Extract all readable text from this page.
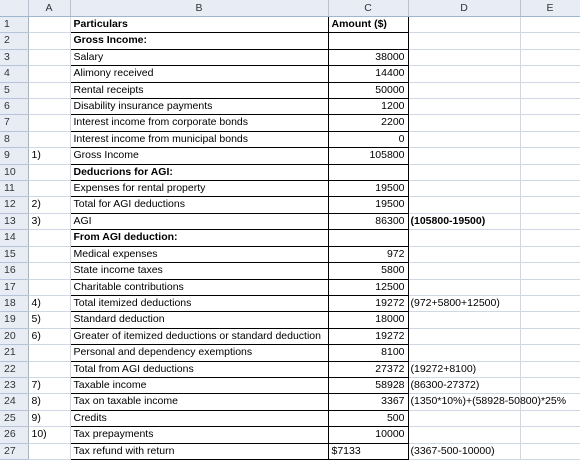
	A	B	C	D	E
1		Particulars	Amount ($)		
2		Gross Income:			
3		Salary	38000		
4		Alimony received	14400		
5		Rental receipts	50000		
6		Disability insurance payments	1200		
7		Interest income from corporate bonds	2200		
8		Interest income from municipal bonds	0		
9	1)	Gross Income	105800		
10		Deducrions for AGI:			
11		Expenses for rental property	19500		
12	2)	Total for AGI deductions	19500		
13	3)	AGI	86300	(105800-19500)	
14		From AGI deduction:			
15		Medical expenses	972		
16		State income taxes	5800		
17		Charitable contributions	12500		
18	4)	Total itemized deductions	19272	(972+5800+12500)	
19	5)	Standard deduction	18000		
20	6)	Greater of itemized deductions or standard deduction	19272		
21		Personal and dependency exemptions	8100		
22		Total from AGI deductions	27372	(19272+8100)	
23	7)	Taxable income	58928	(86300-27372)	
24	8)	Tax on taxable income	3367	(1350*10%)+(58928-50800)*25%	
25	9)	Credits	500		
26	10)	Tax prepayments	10000		
27		Tax refund with return	$7133	(3367-500-10000)	
